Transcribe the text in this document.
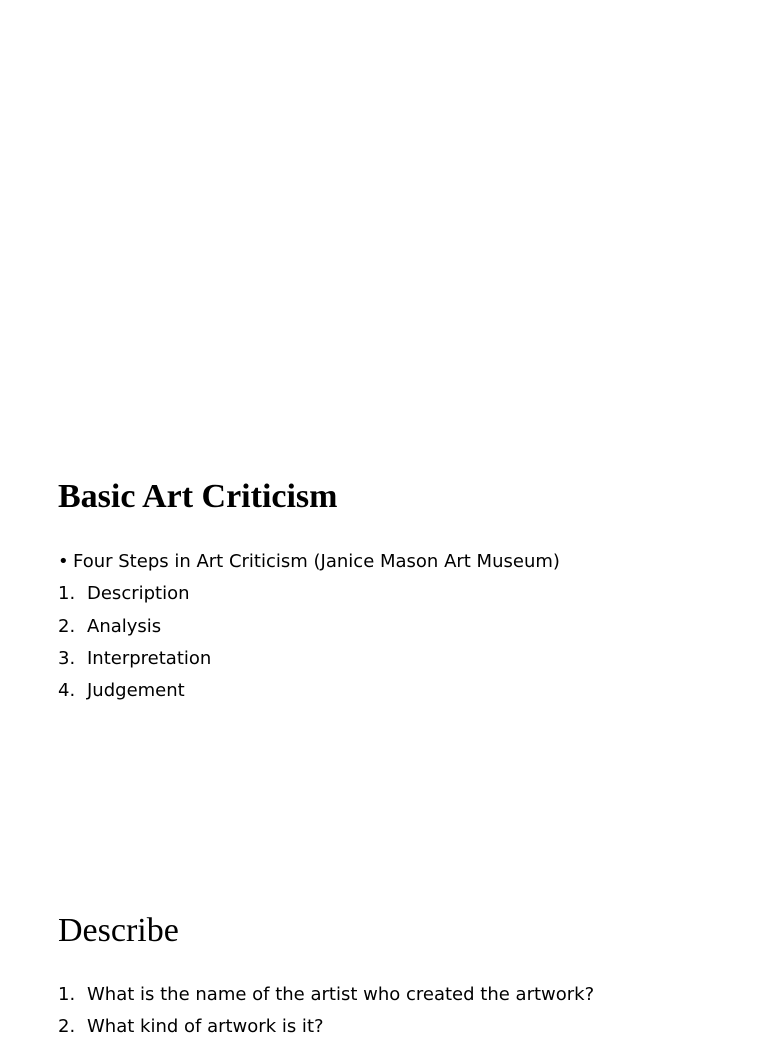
Basic Art Criticism
• Four Steps in Art Criticism (Janice Mason Art Museum)
1. Description
2. Analysis
3. Interpretation
4. Judgement
Describe
1. What is the name of the artist who created the artwork?
2. What kind of artwork is it?
